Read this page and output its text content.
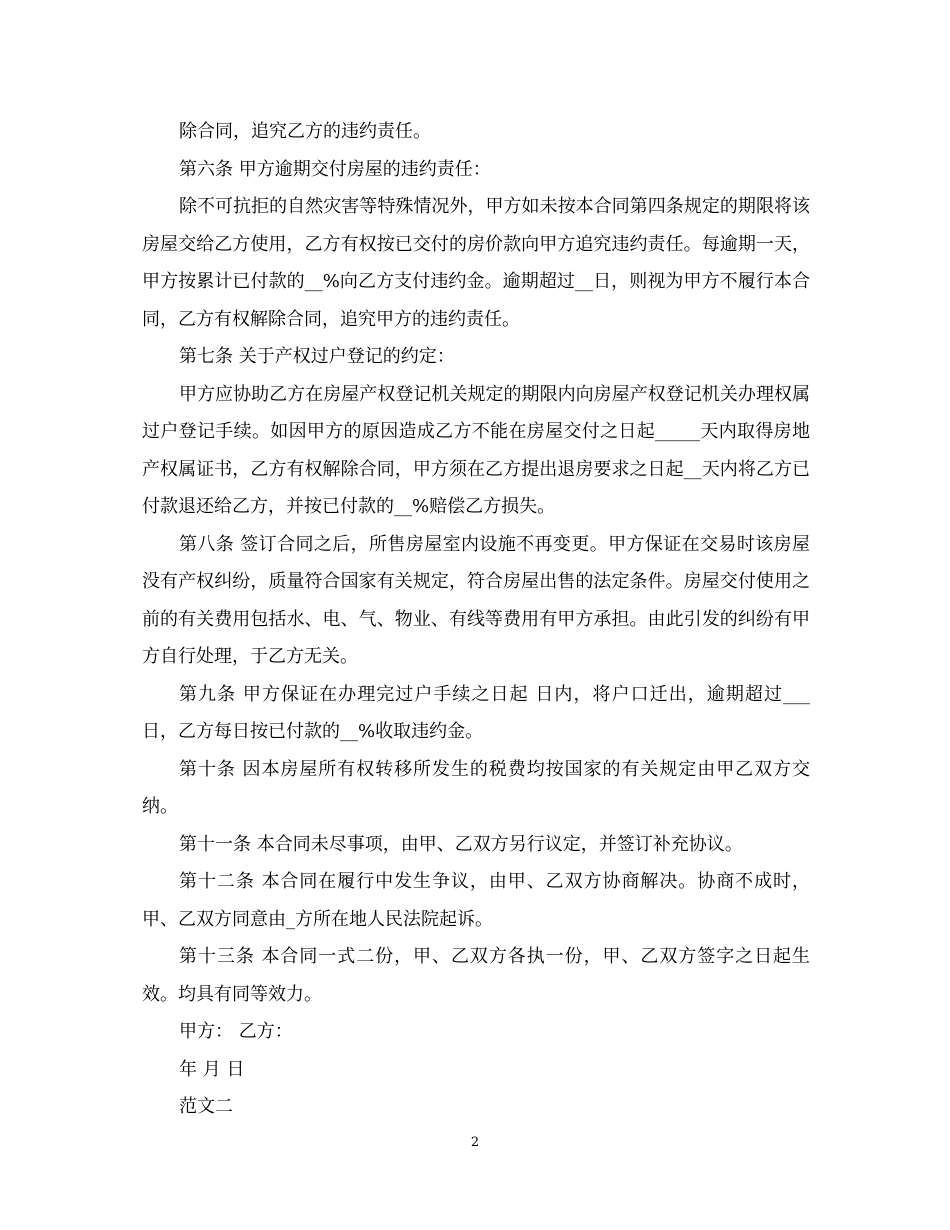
除合同，追究乙方的违约责任。

第六条 甲方逾期交付房屋的违约责任：

除不可抗拒的自然灾害等特殊情况外，甲方如未按本合同第四条规定的期限将该房屋交给乙方使用，乙方有权按已交付的房价款向甲方追究违约责任。每逾期一天，甲方按累计已付款的__%向乙方支付违约金。逾期超过__日，则视为甲方不履行本合同，乙方有权解除合同，追究甲方的违约责任。

第七条 关于产权过户登记的约定：

甲方应协助乙方在房屋产权登记机关规定的期限内向房屋产权登记机关办理权属过户登记手续。如因甲方的原因造成乙方不能在房屋交付之日起_____天内取得房地产权属证书，乙方有权解除合同，甲方须在乙方提出退房要求之日起__天内将乙方已付款退还给乙方，并按已付款的__%赔偿乙方损失。

第八条 签订合同之后，所售房屋室内设施不再变更。甲方保证在交易时该房屋没有产权纠纷，质量符合国家有关规定，符合房屋出售的法定条件。房屋交付使用之前的有关费用包括水、电、气、物业、有线等费用有甲方承担。由此引发的纠纷有甲方自行处理，于乙方无关。

第九条 甲方保证在办理完过户手续之日起 日内，将户口迁出，逾期超过___日，乙方每日按已付款的__%收取违约金。

第十条 因本房屋所有权转移所发生的税费均按国家的有关规定由甲乙双方交纳。

第十一条 本合同未尽事项，由甲、乙双方另行议定，并签订补充协议。

第十二条 本合同在履行中发生争议，由甲、乙双方协商解决。协商不成时，甲、乙双方同意由_方所在地人民法院起诉。

第十三条 本合同一式二份，甲、乙双方各执一份，甲、乙双方签字之日起生效。均具有同等效力。

甲方： 乙方：

年 月 日

范文二

2
